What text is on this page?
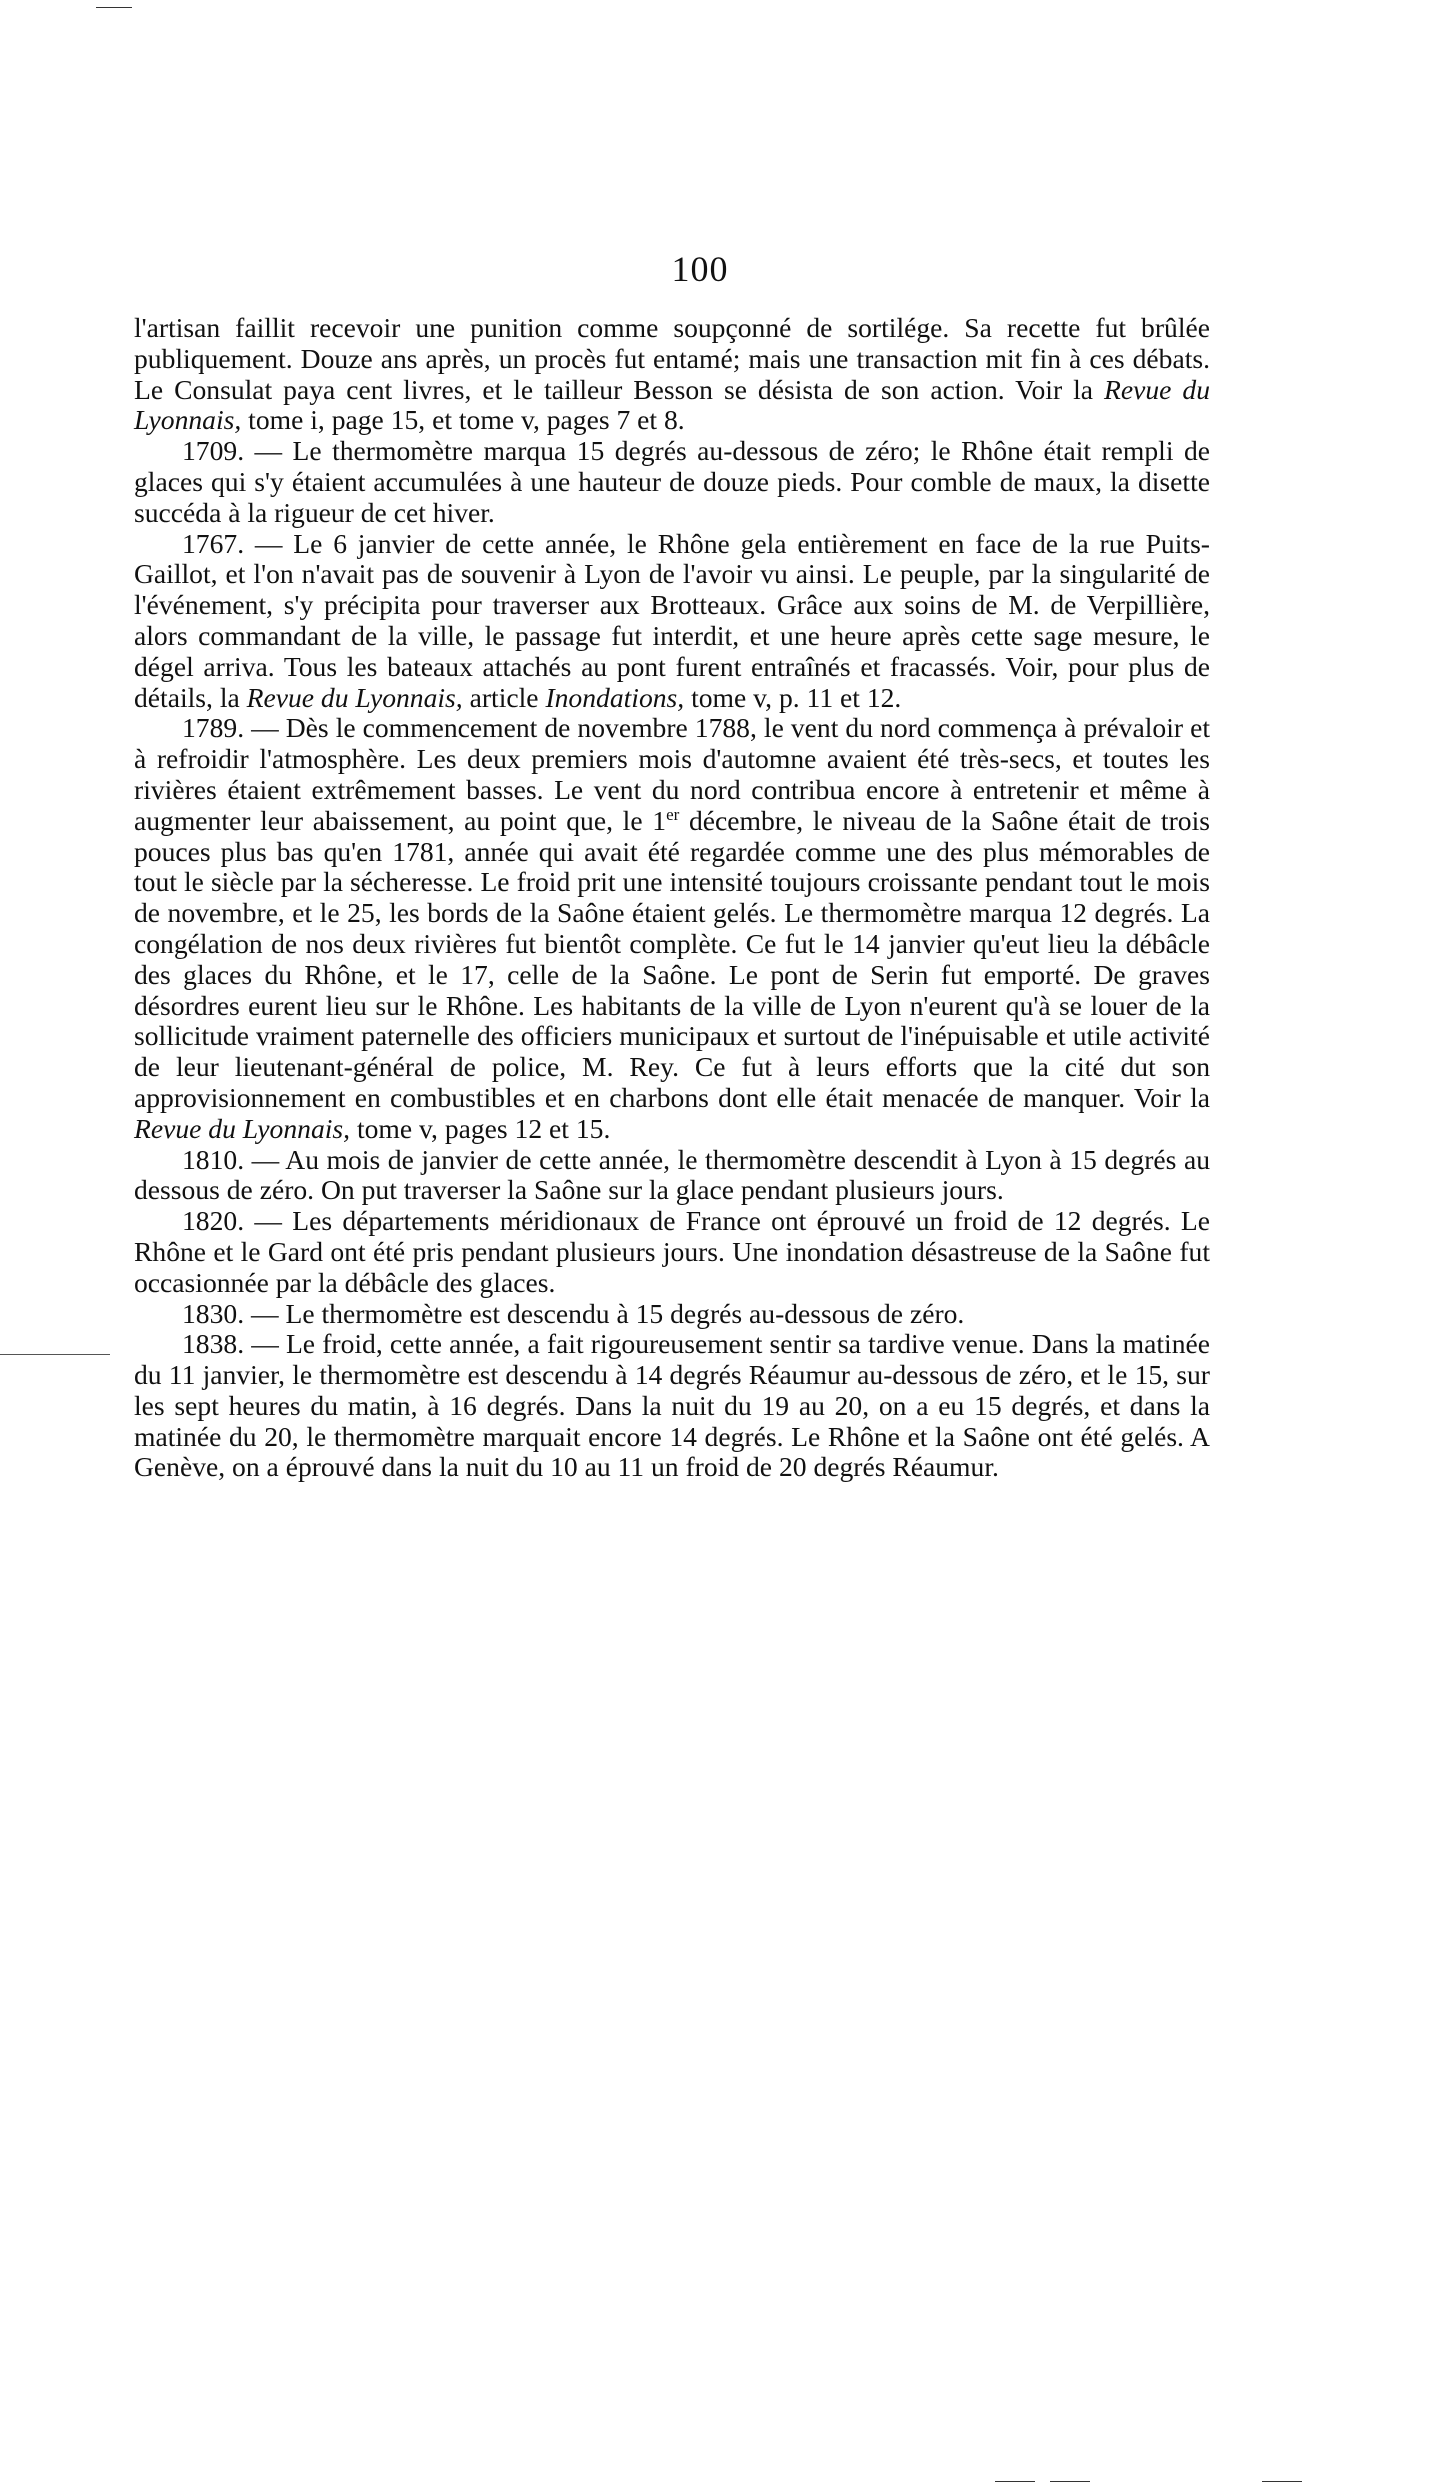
100

l'artisan faillit recevoir une punition comme soupçonné de sortilége. Sa recette fut brûlée publiquement. Douze ans après, un procès fut entamé; mais une transaction mit fin à ces débats. Le Consulat paya cent livres, et le tailleur Besson se désista de son action. Voir la Revue du Lyonnais, tome i, page 15, et tome v, pages 7 et 8.

1709. — Le thermomètre marqua 15 degrés au-dessous de zéro; le Rhône était rempli de glaces qui s'y étaient accumulées à une hauteur de douze pieds. Pour comble de maux, la disette succéda à la rigueur de cet hiver.

1767. — Le 6 janvier de cette année, le Rhône gela entièrement en face de la rue Puits-Gaillot, et l'on n'avait pas de souvenir à Lyon de l'avoir vu ainsi. Le peuple, par la singularité de l'événement, s'y précipita pour traverser aux Brotteaux. Grâce aux soins de M. de Verpillière, alors commandant de la ville, le passage fut interdit, et une heure après cette sage mesure, le dégel arriva. Tous les bateaux attachés au pont furent entraînés et fracassés. Voir, pour plus de détails, la Revue du Lyonnais, article Inondations, tome v, p. 11 et 12.

1789. — Dès le commencement de novembre 1788, le vent du nord commença à prévaloir et à refroidir l'atmosphère. Les deux premiers mois d'automne avaient été très-secs, et toutes les rivières étaient extrêmement basses. Le vent du nord contribua encore à entretenir et même à augmenter leur abaissement, au point que, le 1er décembre, le niveau de la Saône était de trois pouces plus bas qu'en 1781, année qui avait été regardée comme une des plus mémorables de tout le siècle par la sécheresse. Le froid prit une intensité toujours croissante pendant tout le mois de novembre, et le 25, les bords de la Saône étaient gelés. Le thermomètre marqua 12 degrés. La congélation de nos deux rivières fut bientôt complète. Ce fut le 14 janvier qu'eut lieu la débâcle des glaces du Rhône, et le 17, celle de la Saône. Le pont de Serin fut emporté. De graves désordres eurent lieu sur le Rhône. Les habitants de la ville de Lyon n'eurent qu'à se louer de la sollicitude vraiment paternelle des officiers municipaux et surtout de l'inépuisable et utile activité de leur lieutenant-général de police, M. Rey. Ce fut à leurs efforts que la cité dut son approvisionnement en combustibles et en charbons dont elle était menacée de manquer. Voir la Revue du Lyonnais, tome v, pages 12 et 15.

1810. — Au mois de janvier de cette année, le thermomètre descendit à Lyon à 15 degrés au dessous de zéro. On put traverser la Saône sur la glace pendant plusieurs jours.

1820. — Les départements méridionaux de France ont éprouvé un froid de 12 degrés. Le Rhône et le Gard ont été pris pendant plusieurs jours. Une inondation désastreuse de la Saône fut occasionnée par la débâcle des glaces.

1830. — Le thermomètre est descendu à 15 degrés au-dessous de zéro.

1838. — Le froid, cette année, a fait rigoureusement sentir sa tardive venue. Dans la matinée du 11 janvier, le thermomètre est descendu à 14 degrés Réaumur au-dessous de zéro, et le 15, sur les sept heures du matin, à 16 degrés. Dans la nuit du 19 au 20, on a eu 15 degrés, et dans la matinée du 20, le thermomètre marquait encore 14 degrés. Le Rhône et la Saône ont été gelés. A Genève, on a éprouvé dans la nuit du 10 au 11 un froid de 20 degrés Réaumur.
